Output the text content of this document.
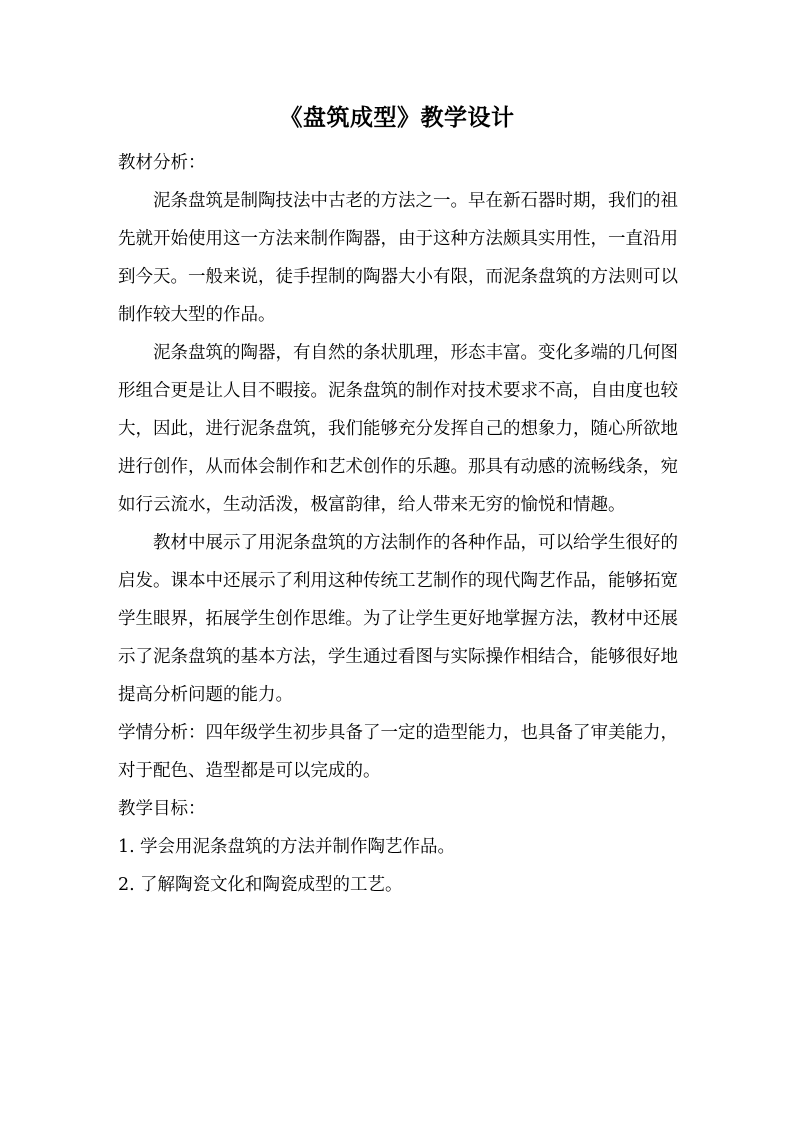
《盘筑成型》教学设计

教材分析：

泥条盘筑是制陶技法中古老的方法之一。早在新石器时期，我们的祖先就开始使用这一方法来制作陶器，由于这种方法颇具实用性，一直沿用到今天。一般来说，徒手捏制的陶器大小有限，而泥条盘筑的方法则可以制作较大型的作品。

泥条盘筑的陶器，有自然的条状肌理，形态丰富。变化多端的几何图形组合更是让人目不暇接。泥条盘筑的制作对技术要求不高，自由度也较大，因此，进行泥条盘筑，我们能够充分发挥自己的想象力，随心所欲地进行创作，从而体会制作和艺术创作的乐趣。那具有动感的流畅线条，宛如行云流水，生动活泼，极富韵律，给人带来无穷的愉悦和情趣。

教材中展示了用泥条盘筑的方法制作的各种作品，可以给学生很好的启发。课本中还展示了利用这种传统工艺制作的现代陶艺作品，能够拓宽学生眼界，拓展学生创作思维。为了让学生更好地掌握方法，教材中还展示了泥条盘筑的基本方法，学生通过看图与实际操作相结合，能够很好地提高分析问题的能力。

学情分析：四年级学生初步具备了一定的造型能力，也具备了审美能力，对于配色、造型都是可以完成的。

教学目标：

1. 学会用泥条盘筑的方法并制作陶艺作品。

2. 了解陶瓷文化和陶瓷成型的工艺。
